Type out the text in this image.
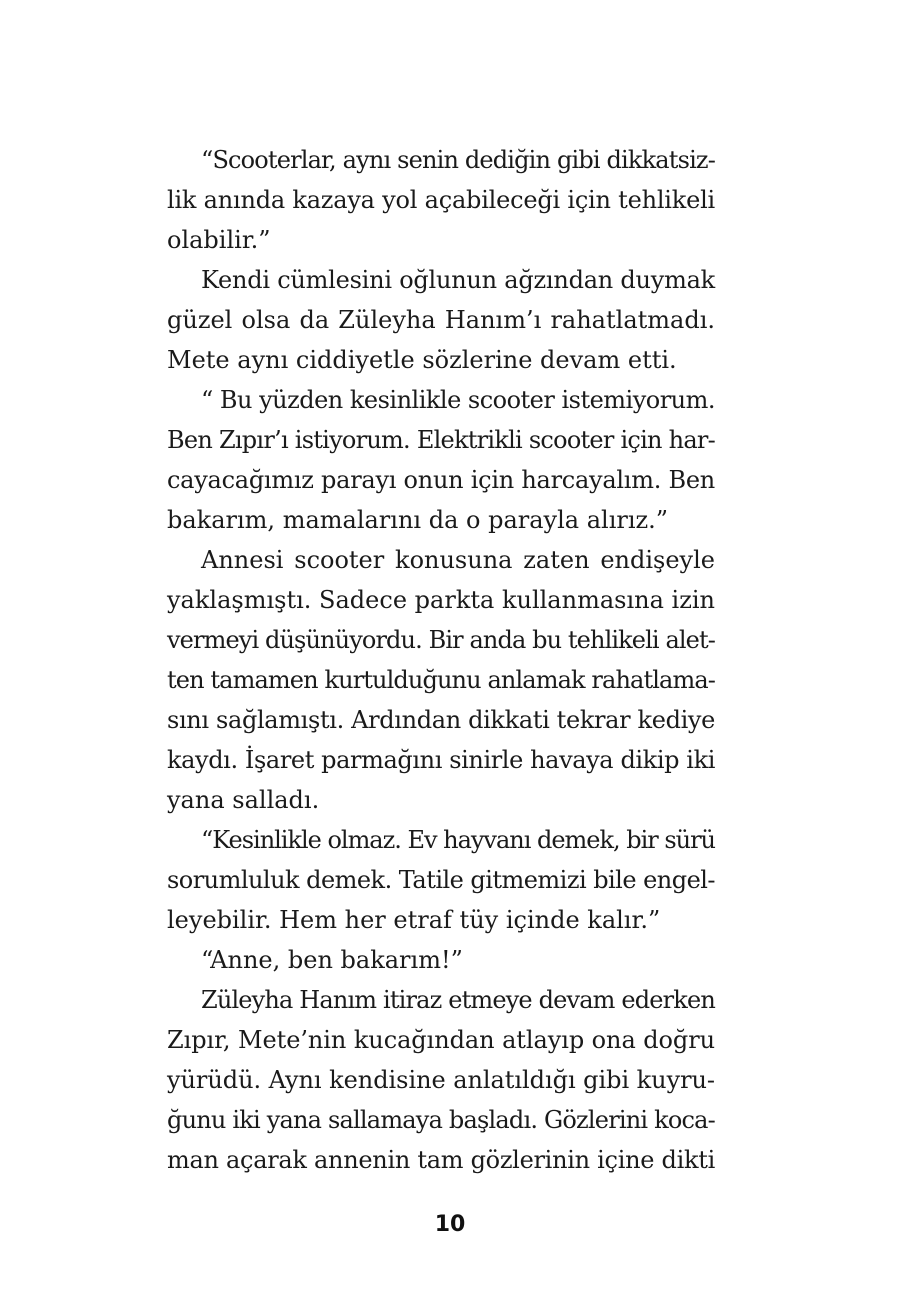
“Scooterlar, aynı senin dediğin gibi dikkatsiz-
lik anında kazaya yol açabileceği için tehlikeli
olabilir.”
Kendi cümlesini oğlunun ağzından duymak
güzel olsa da Züleyha Hanım’ı rahatlatmadı.
Mete aynı ciddiyetle sözlerine devam etti.
“ Bu yüzden kesinlikle scooter istemiyorum.
Ben Zıpır’ı istiyorum. Elektrikli scooter için har-
cayacağımız parayı onun için harcayalım. Ben
bakarım, mamalarını da o parayla alırız.”
Annesi scooter konusuna zaten endişeyle
yaklaşmıştı. Sadece parkta kullanmasına izin
vermeyi düşünüyordu. Bir anda bu tehlikeli alet-
ten tamamen kurtulduğunu anlamak rahatlama-
sını sağlamıştı. Ardından dikkati tekrar kediye
kaydı. İşaret parmağını sinirle havaya dikip iki
yana salladı.
“Kesinlikle olmaz. Ev hayvanı demek, bir sürü
sorumluluk demek. Tatile gitmemizi bile engel-
leyebilir. Hem her etraf tüy içinde kalır.”
“Anne, ben bakarım!”
Züleyha Hanım itiraz etmeye devam ederken
Zıpır, Mete’nin kucağından atlayıp ona doğru
yürüdü. Aynı kendisine anlatıldığı gibi kuyru-
ğunu iki yana sallamaya başladı. Gözlerini koca-
man açarak annenin tam gözlerinin içine dikti
10
